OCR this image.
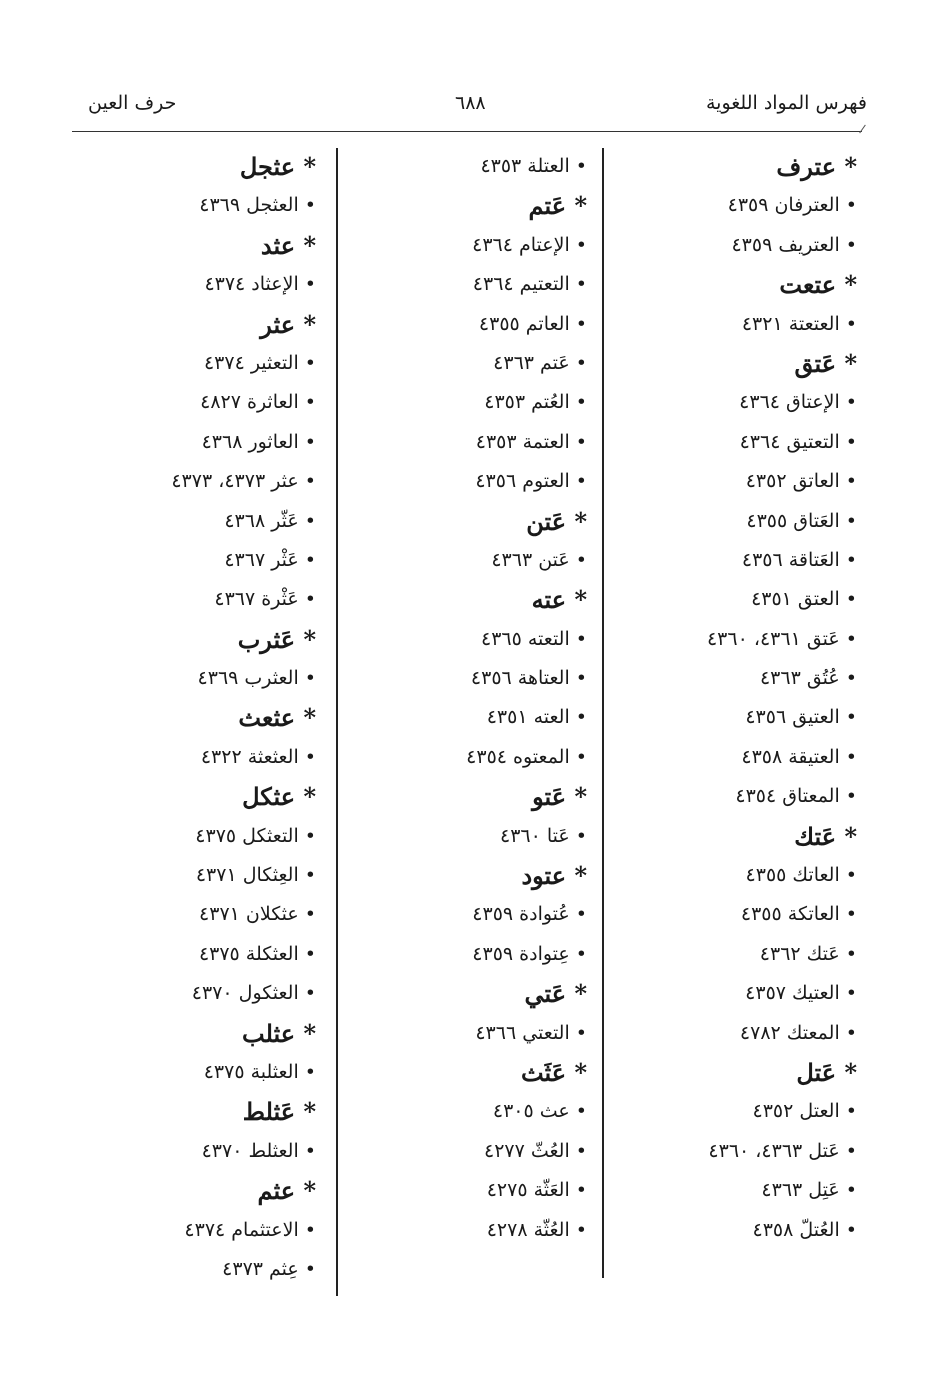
فهرس المواد اللغوية
٦٨٨
حرف العين
* عترف
• العترفان ٤٣٥٩
• العتريف ٤٣٥٩
* عتعت
• العتعتة ٤٣٢١
* عَتق
• الإعتاق ٤٣٦٤
• التعتيق ٤٣٦٤
• العاتق ٤٣٥٢
• العَتاق ٤٣٥٥
• العَتاقة ٤٣٥٦
• العتق ٤٣٥١
• عَتق ٤٣٦١، ٤٣٦٠
• عُتُق ٤٣٦٣
• العتيق ٤٣٥٦
• العتيقة ٤٣٥٨
• المعتاق ٤٣٥٤
* عَتك
• العاتك ٤٣٥٥
• العاتكة ٤٣٥٥
• عَتك ٤٣٦٢
• العتيك ٤٣٥٧
• المعتك ٤٧٨٢
* عَتل
• العتل ٤٣٥٢
• عَتل ٤٣٦٣، ٤٣٦٠
• عَتِل ٤٣٦٣
• العُتلّ ٤٣٥٨
• العتلة ٤٣٥٣
* عَتم
• الإعتام ٤٣٦٤
• التعتيم ٤٣٦٤
• العاتم ٤٣٥٥
• عَتم ٤٣٦٣
• العُتم ٤٣٥٣
• العتمة ٤٣٥٣
• العتوم ٤٣٥٦
* عَتن
• عَتن ٤٣٦٣
* عته
• التعته ٤٣٦٥
• العتاهة ٤٣٥٦
• العته ٤٣٥١
• المعتوه ٤٣٥٤
* عَتو
• عَتا ٤٣٦٠
* عتود
• عُتوادة ٤٣٥٩
• عِتوادة ٤٣٥٩
* عَتي
• التعتي ٤٣٦٦
* عَثَث
• عث ٤٣٠٥
• العُثّ ٤٢٧٧
• العَثّة ٤٢٧٥
• العُثّة ٤٢٧٨
* عثجل
• العثجل ٤٣٦٩
* عثد
• الإعثاد ٤٣٧٤
* عثر
• التعثير ٤٣٧٤
• العاثرة ٤٨٢٧
• العاثور ٤٣٦٨
• عثر ٤٣٧٣، ٤٣٧٣
• عَثّر ٤٣٦٨
• عَثْر ٤٣٦٧
• عَثْرة ٤٣٦٧
* عَثرب
• العثرب ٤٣٦٩
* عثعث
• العثعثة ٤٣٢٢
* عثكل
• التعثكل ٤٣٧٥
• العِثكال ٤٣٧١
• عثكلان ٤٣٧١
• العثكلة ٤٣٧٥
• العثكول ٤٣٧٠
* عثلب
• العثلبة ٤٣٧٥
* عَثلط
• العثلط ٤٣٧٠
* عثم
• الاعتثمام ٤٣٧٤
• عِثم ٤٣٧٣
